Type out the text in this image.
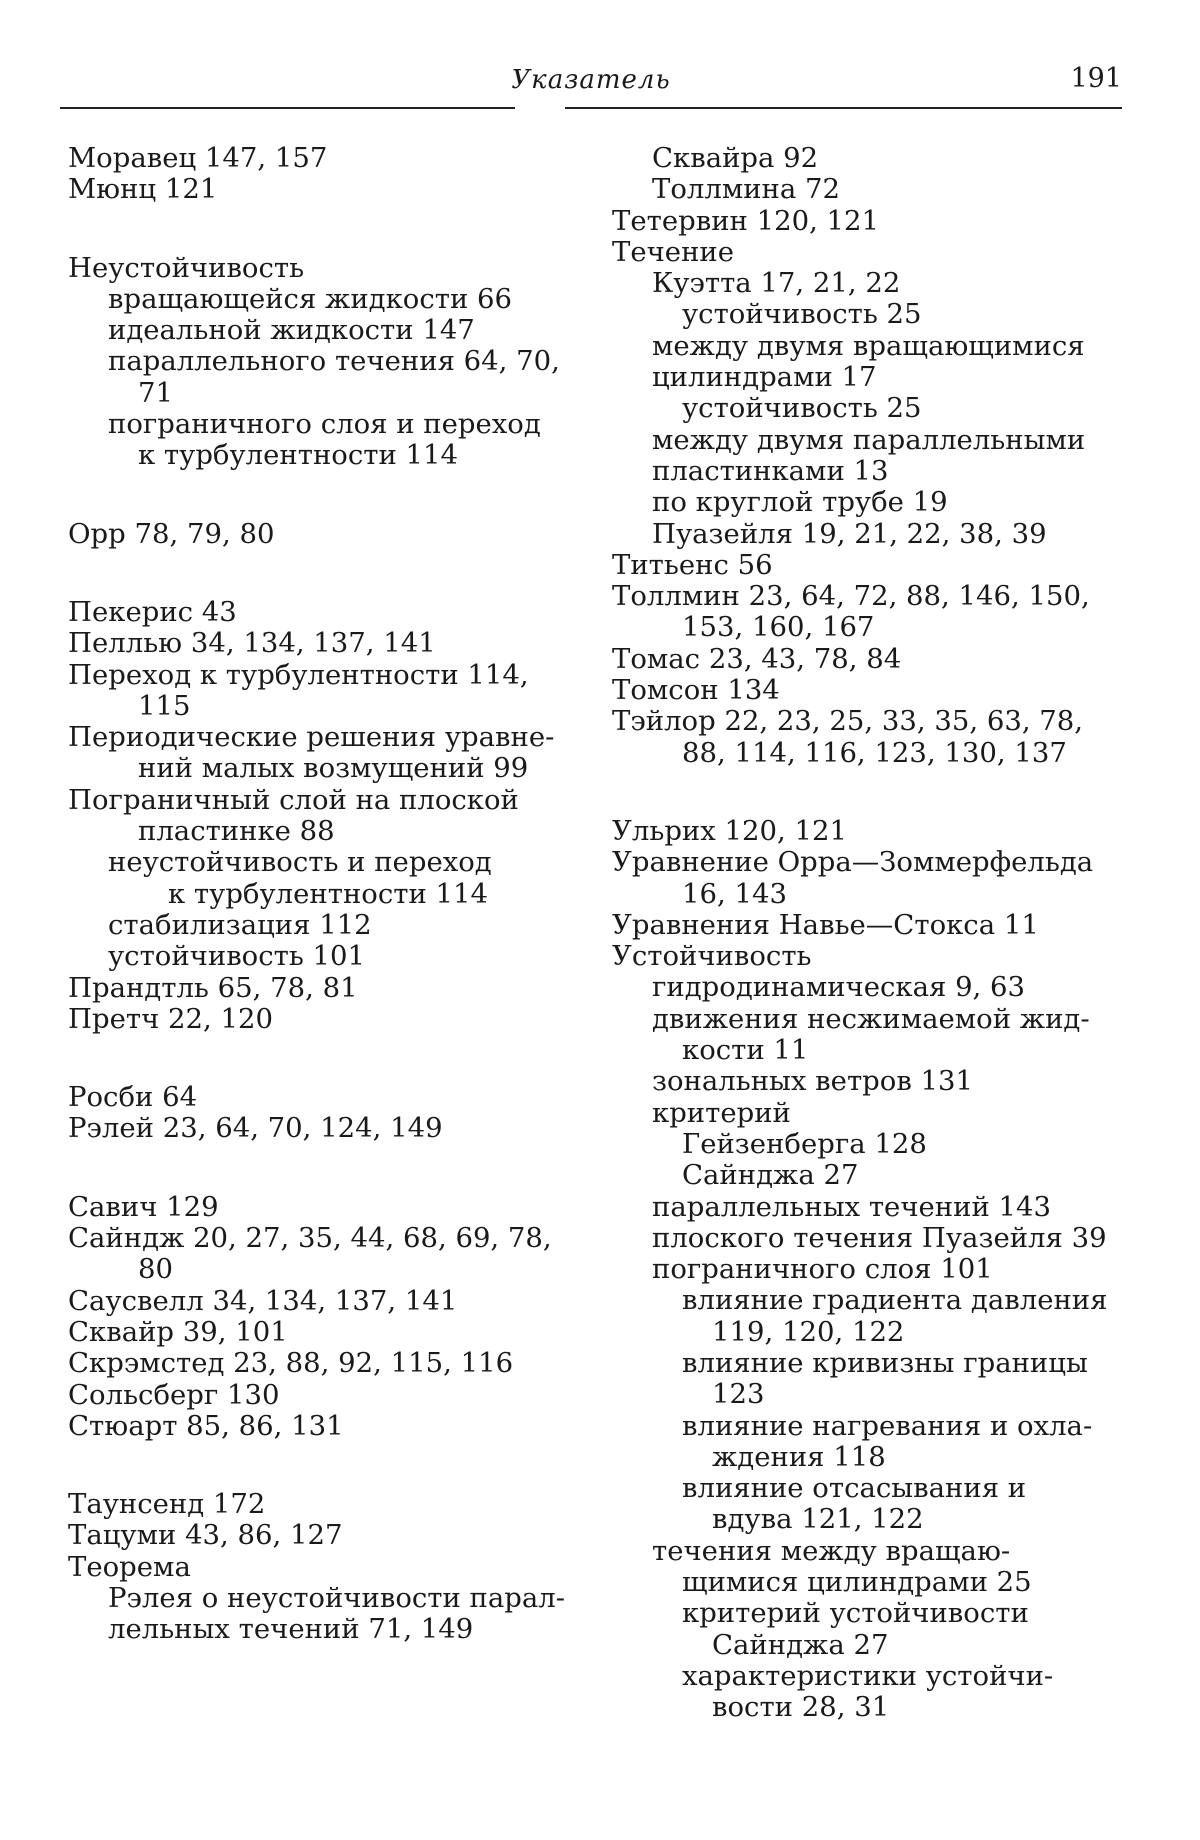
Указатель	191
Моравец 147, 157
Мюнц 121
Неустойчивость
вращающейся жидкости 66
идеальной жидкости 147
параллельного течения 64, 70,
71
пограничного слоя и переход
к турбулентности 114
Орр 78, 79, 80
Пекерис 43
Пеллью 34, 134, 137, 141
Переход к турбулентности 114,
115
Периодические решения уравне-
ний малых возмущений 99
Пограничный слой на плоской
пластинке 88
неустойчивость и переход
к турбулентности 114
стабилизация 112
устойчивость 101
Прандтль 65, 78, 81
Претч 22, 120
Росби 64
Рэлей 23, 64, 70, 124, 149
Савич 129
Сайндж 20, 27, 35, 44, 68, 69, 78,
80
Саусвелл 34, 134, 137, 141
Сквайр 39, 101
Скрэмстед 23, 88, 92, 115, 116
Сольсберг 130
Стюарт 85, 86, 131
Таунсенд 172
Тацуми 43, 86, 127
Теорема
Рэлея о неустойчивости парал-
лельных течений 71, 149
Сквайра 92
Толлмина 72
Тетервин 120, 121
Течение
Куэтта 17, 21, 22
устойчивость 25
между двумя вращающимися
цилиндрами 17
устойчивость 25
между двумя параллельными
пластинками 13
по круглой трубе 19
Пуазейля 19, 21, 22, 38, 39
Титьенс 56
Толлмин 23, 64, 72, 88, 146, 150,
153, 160, 167
Томас 23, 43, 78, 84
Томсон 134
Тэйлор 22, 23, 25, 33, 35, 63, 78,
88, 114, 116, 123, 130, 137
Ульрих 120, 121
Уравнение Орра—Зоммерфельда
16, 143
Уравнения Навье—Стокса 11
Устойчивость
гидродинамическая 9, 63
движения несжимаемой жид-
кости 11
зональных ветров 131
критерий
Гейзенберга 128
Сайнджа 27
параллельных течений 143
плоского течения Пуазейля 39
пограничного слоя 101
влияние градиента давления
119, 120, 122
влияние кривизны границы
123
влияние нагревания и охла-
ждения 118
влияние отсасывания и
вдува 121, 122
течения между вращаю-
щимися цилиндрами 25
критерий устойчивости
Сайнджа 27
характеристики устойчи-
вости 28, 31
